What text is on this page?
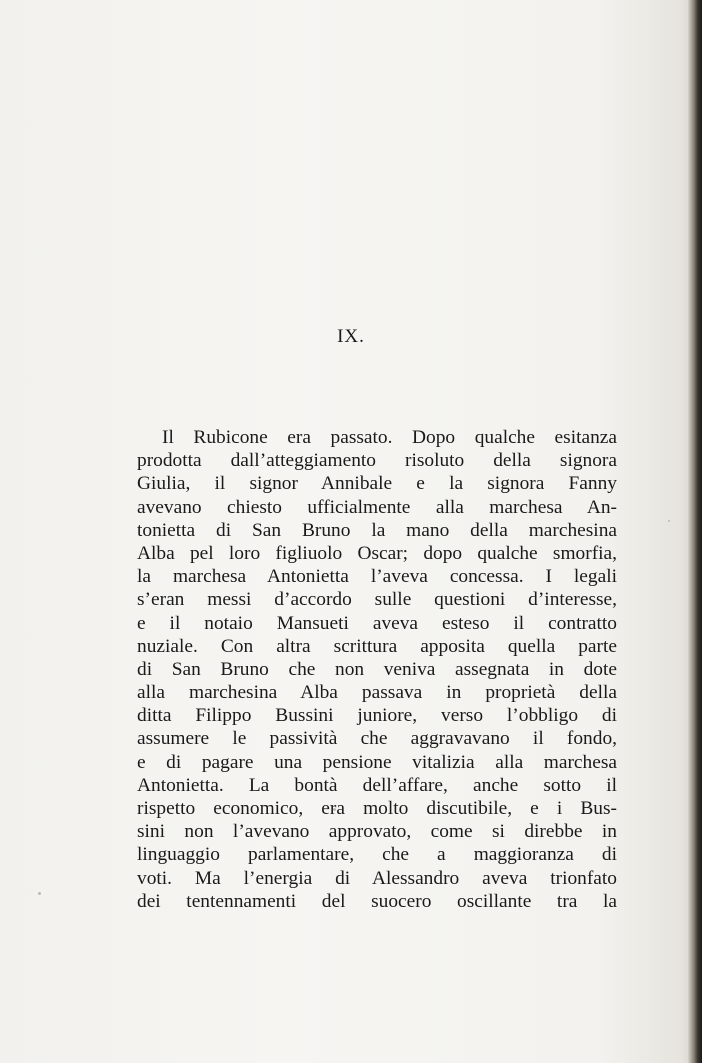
IX.
Il Rubicone era passato. Dopo qualche esitanza
prodotta dall’atteggiamento risoluto della signora
Giulia, il signor Annibale e la signora Fanny
avevano chiesto ufficialmente alla marchesa An-
tonietta di San Bruno la mano della marchesina
Alba pel loro figliuolo Oscar; dopo qualche smorfia,
la marchesa Antonietta l’aveva concessa. I legali
s’eran messi d’accordo sulle questioni d’interesse,
e il notaio Mansueti aveva esteso il contratto
nuziale. Con altra scrittura apposita quella parte
di San Bruno che non veniva assegnata in dote
alla marchesina Alba passava in proprietà della
ditta Filippo Bussini juniore, verso l’obbligo di
assumere le passività che aggravavano il fondo,
e di pagare una pensione vitalizia alla marchesa
Antonietta. La bontà dell’affare, anche sotto il
rispetto economico, era molto discutibile, e i Bus-
sini non l’avevano approvato, come si direbbe in
linguaggio parlamentare, che a maggioranza di
voti. Ma l’energia di Alessandro aveva trionfato
dei tentennamenti del suocero oscillante tra la
